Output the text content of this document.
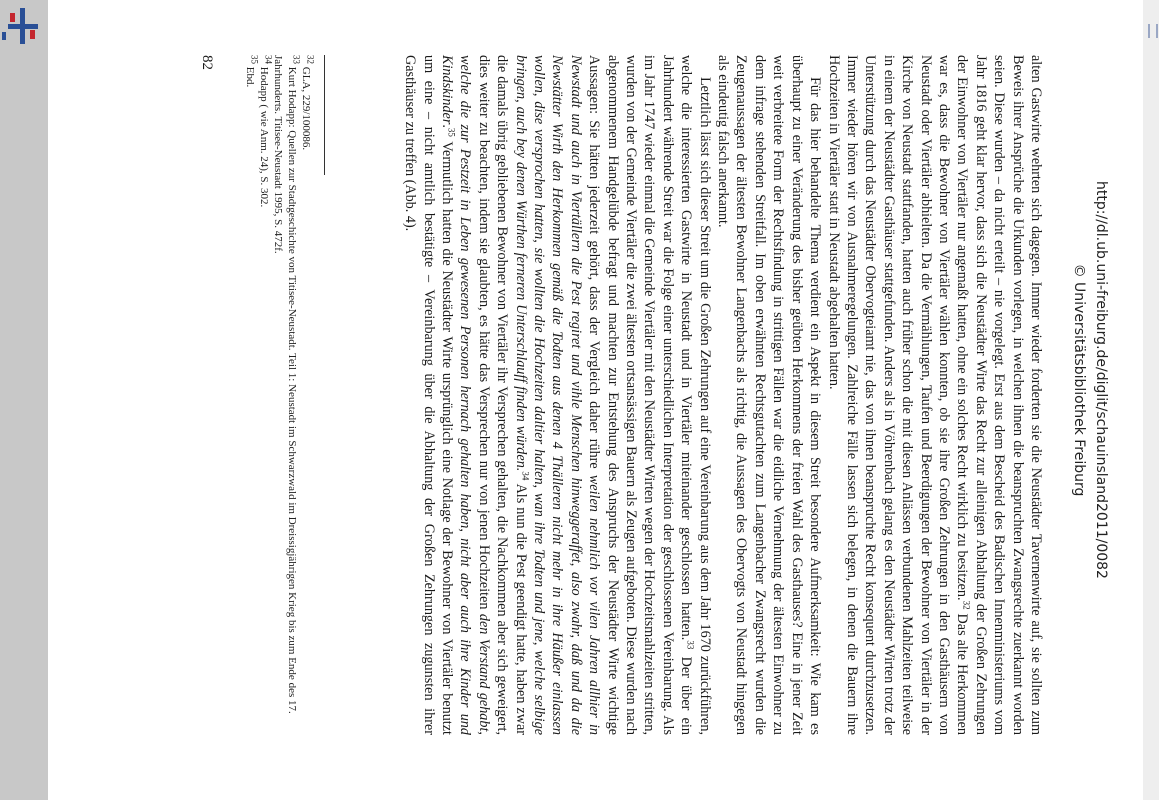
alten Gastwirte wehrten sich dagegen. Immer wieder forderten sie die Neustädter Tavernenwirte auf, sie sollten zum Beweis ihrer Ansprüche die Urkunden vorlegen, in welchen ihnen die beanspruchten Zwangsrechte zuerkannt worden seien. Diese wurden – da nicht erteilt – nie vorgelegt. Erst aus dem Bescheid des Badischen Innenministeriums vom Jahr 1816 geht klar hervor, dass sich die Neustädter Wirte das Recht zur alleinigen Abhaltung der Großen Zehrungen der Einwohner von Viertäler nur angemaßt hatten, ohne ein solches Recht wirklich zu besitzen.$^{32}$ Das alte Herkommen war es, dass die Bewohner von Viertäler wählen konnten, ob sie ihre Großen Zehrungen in den Gasthäusern von Neustadt oder Viertäler abhielten. Da die Vermählungen, Taufen und Beerdigungen der Bewohner von Viertäler in der Kirche von Neustadt stattfanden, hatten auch früher schon die mit diesen Anlässen verbundenen Mahlzeiten teilweise in einem der Neustädter Gasthäuser stattgefunden. Anders als in Vöhrenbach gelang es den Neustädter Wirten trotz der Unterstützung durch das Neustädter Obervogteiamt nie, das von ihnen beanspruchte Recht konsequent durchzusetzen. Immer wieder hören wir von Ausnahmeregelungen. Zahlreiche Fälle lassen sich belegen, in denen die Bauern ihre Hochzeiten in Viertäler statt in Neustadt abgehalten hatten.

Für das hier behandelte Thema verdient ein Aspekt in diesem Streit besondere Aufmerksamkeit: Wie kam es überhaupt zu einer Veränderung des bisher geübten Herkommens der freien Wahl des Gasthauses? Eine in jener Zeit weit verbreitete Form der Rechtsfindung in strittigen Fällen war die eidliche Vernehmung der ältesten Einwohner zu dem infrage stehenden Streitfall. Im oben erwähnten Rechtsgutachten zum Langenbacher Zwangsrecht wurden die Zeugenaussagen der ältesten Bewohner Langenbachs als richtig, die Aussagen des Obervogts von Neustadt hingegen als eindeutig falsch anerkannt.

Letztlich lässt sich dieser Streit um die Großen Zehrungen auf eine Vereinbarung aus dem Jahr 1670 zurückführen, welche die interessierten Gastwirte in Neustadt und in Viertäler miteinander geschlossen hatten.$^{33}$ Der über ein Jahrhundert währende Streit war die Folge einer unterschiedlichen Interpretation der geschlossenen Vereinbarung. Als im Jahr 1747 wieder einmal die Gemeinde Viertäler mit den Neustädter Wirten wegen der Hochzeitsmahlzeiten stritten, wurden von der Gemeinde Viertäler die zwei ältesten ortsansässigen Bauern als Zeugen aufgeboten. Diese wurden nach abgenommenem Handgelübde befragt und machten zur Entstehung des Anspruchs der Neustädter Wirte wichtige Aussagen: Sie hätten jederzeit gehört, dass der Vergleich daher rühre weilen nehmlich vor vilen Jahren allhier in Newstadt und auch in Viertällern die Pest regiret und vihle Menschen hinweggeraffet, also zwahr, daß und da die Newstätter Wirth den Herkommen gemäß die Todten aus denen 4 Thälleren nicht mehr in ihre Häußer einlassen wollen, dise versprochen hatten, sie wollten die Hochzeiten daltier halten, wan ihre Todten und jene, welche selbige bringen, auch bey denen Würthen ferneren Unterschlauff finden würden.$^{34}$ Als nun die Pest geendigt hatte, haben zwar die damals übrig gebliebenen Bewohner von Viertäler ihr Versprechen gehalten, die Nachkommen aber sich geweigert, dies weiter zu beachten, indem sie glaubten, es hätte das Versprechen nur von jenen Hochzeiten den Verstand gehabt, welche die zur Pestzeit in Leben gewesenen Personen hernach gehalten haben, nicht aber auch ihre Kinder und Kindskinder.$^{35}$ Vermutlich hatten die Neustädter Wirte ursprünglich eine Notlage der Bewohner von Viertäler benutzt um eine – nicht amtlich bestätigte – Vereinbarung über die Abhaltung der Großen Zehrungen zugunsten ihrer Gasthäuser zu treffen (Abb. 4).

$^{32}$ GLA, 229/100086.
$^{33}$ Kurt Hodapp: Quellen zur Stadtgeschichte von Titisee-Neustadt. Teil 1: Neustadt im Schwarzwald im Dreissigjährigen Krieg bis zum Ende des 17. Jahrhunderts. Titisee-Neustadt 1995, S. 472f.
$^{34}$ Hodapp ( wie Anm. 24), S. 302.
$^{35}$ Ebd.
82
http://dl.ub.uni-freiburg.de/diglit/schauinsland2011/0082
© Universitätsbibliothek Freiburg
